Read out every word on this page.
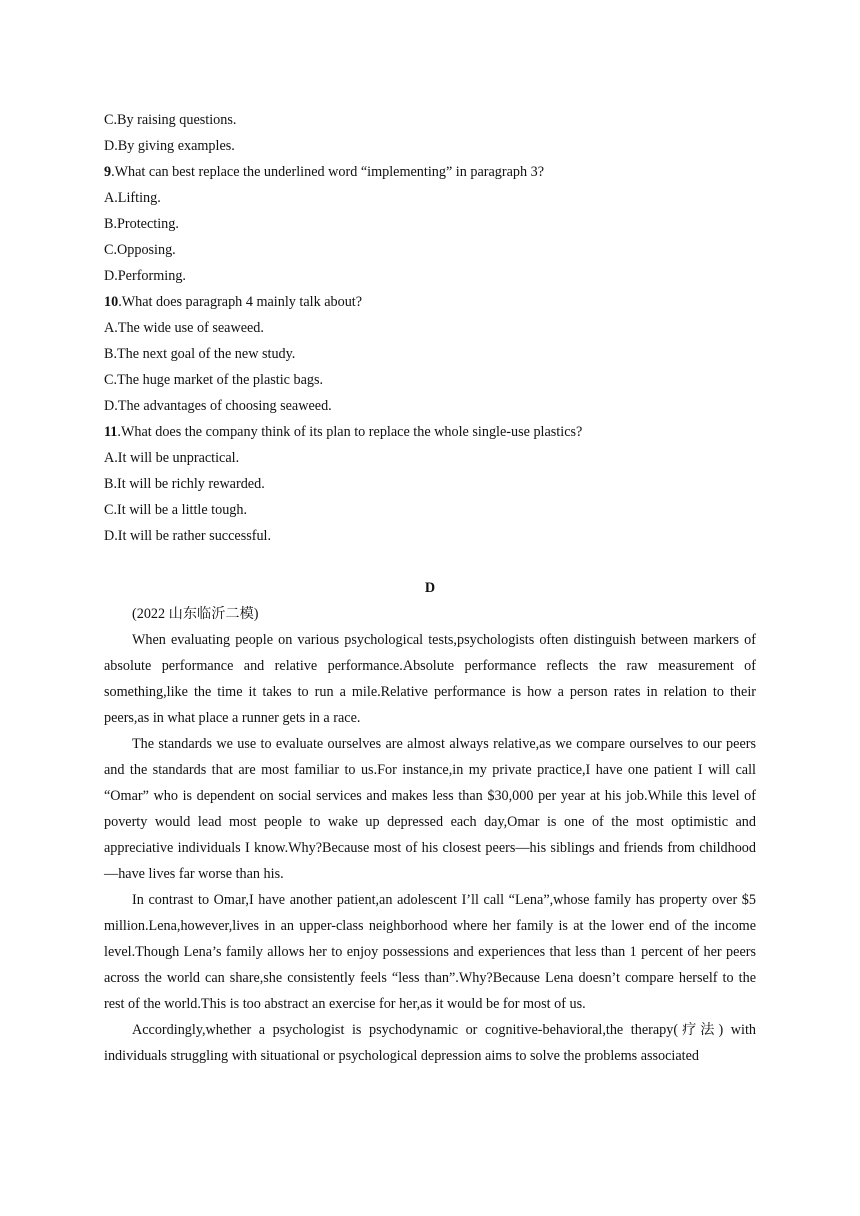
C.By raising questions.
D.By giving examples.
9.What can best replace the underlined word “implementing” in paragraph 3?
A.Lifting.
B.Protecting.
C.Opposing.
D.Performing.
10.What does paragraph 4 mainly talk about?
A.The wide use of seaweed.
B.The next goal of the new study.
C.The huge market of the plastic bags.
D.The advantages of choosing seaweed.
11.What does the company think of its plan to replace the whole single-use plastics?
A.It will be unpractical.
B.It will be richly rewarded.
C.It will be a little tough.
D.It will be rather successful.
D
(2022 山东临沂二模)

When evaluating people on various psychological tests,psychologists often distinguish between markers of absolute performance and relative performance.Absolute performance reflects the raw measurement of something,like the time it takes to run a mile.Relative performance is how a person rates in relation to their peers,as in what place a runner gets in a race.

The standards we use to evaluate ourselves are almost always relative,as we compare ourselves to our peers and the standards that are most familiar to us.For instance,in my private practice,I have one patient I will call “Omar” who is dependent on social services and makes less than $30,000 per year at his job.While this level of poverty would lead most people to wake up depressed each day,Omar is one of the most optimistic and appreciative individuals I know.Why?Because most of his closest peers—his siblings and friends from childhood—have lives far worse than his.

In contrast to Omar,I have another patient,an adolescent I’ll call “Lena”,whose family has property over $5 million.Lena,however,lives in an upper-class neighborhood where her family is at the lower end of the income level.Though Lena’s family allows her to enjoy possessions and experiences that less than 1 percent of her peers across the world can share,she consistently feels “less than”.Why?Because Lena doesn’t compare herself to the rest of the world.This is too abstract an exercise for her,as it would be for most of us.

Accordingly,whether a psychologist is psychodynamic or cognitive-behavioral,the therapy(疗法) with individuals struggling with situational or psychological depression aims to solve the problems associated
